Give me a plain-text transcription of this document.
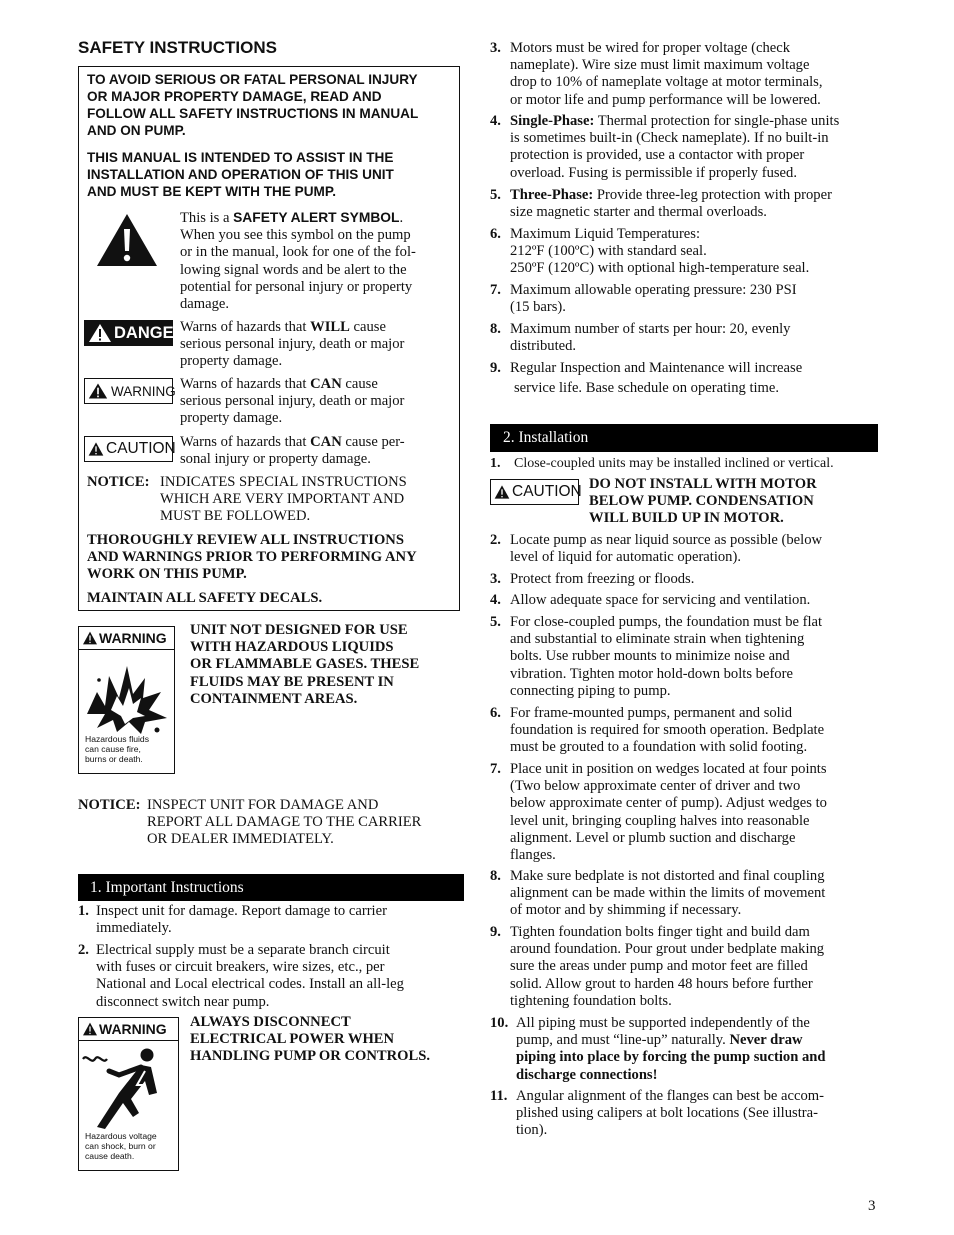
SAFETY INSTRUCTIONS
TO AVOID SERIOUS OR FATAL PERSONAL INJURY
OR MAJOR PROPERTY DAMAGE, READ AND
FOLLOW ALL SAFETY INSTRUCTIONS IN MANUAL
AND ON PUMP.
THIS MANUAL IS INTENDED TO ASSIST IN THE
INSTALLATION AND OPERATION OF THIS UNIT
AND MUST BE KEPT WITH THE PUMP.
This is a SAFETY ALERT SYMBOL.
When you see this symbol on the pump
or in the manual, look for one of the fol-
lowing signal words and be alert to the
potential for personal injury or property
damage.
DANGER
Warns of hazards that WILL cause
serious personal injury, death or major
property damage.
WARNING Warns of hazards that CAN cause
serious personal injury, death or major
property damage.
CAUTION Warns of hazards that CAN cause per-
sonal injury or property damage.
NOTICE: INDICATES SPECIAL INSTRUCTIONS
WHICH ARE VERY IMPORTANT AND
MUST BE FOLLOWED.
THOROUGHLY REVIEW ALL INSTRUCTIONS
AND WARNINGS PRIOR TO PERFORMING ANY
WORK ON THIS PUMP.
MAINTAIN ALL SAFETY DECALS.
WARNING
Hazardous fluids
can cause fire,
burns or death.
UNIT NOT DESIGNED FOR USE
WITH HAZARDOUS LIQUIDS
OR FLAMMABLE GASES. THESE
FLUIDS MAY BE PRESENT IN
CONTAINMENT AREAS.
NOTICE: INSPECT UNIT FOR DAMAGE AND
REPORT ALL DAMAGE TO THE CARRIER
OR DEALER IMMEDIATELY.
1. Important Instructions
1. Inspect unit for damage. Report damage to carrier
immediately.
2. Electrical supply must be a separate branch circuit
with fuses or circuit breakers, wire sizes, etc., per
National and Local electrical codes. Install an all-leg
disconnect switch near pump.
WARNING
Hazardous voltage
can shock, burn or
cause death.
ALWAYS DISCONNECT
ELECTRICAL POWER WHEN
HANDLING PUMP OR CONTROLS.
3. Motors must be wired for proper voltage (check
nameplate). Wire size must limit maximum voltage
drop to 10% of nameplate voltage at motor terminals,
or motor life and pump performance will be lowered.
4. Single-Phase: Thermal protection for single-phase units
is sometimes built-in (Check nameplate). If no built-in
protection is provided, use a contactor with proper
overload. Fusing is permissible if properly fused.
5. Three-Phase: Provide three-leg protection with proper
size magnetic starter and thermal overloads.
6. Maximum Liquid Temperatures:
212ºF (100ºC) with standard seal.
250ºF (120ºC) with optional high-temperature seal.
7. Maximum allowable operating pressure: 230 PSI
(15 bars).
8. Maximum number of starts per hour: 20, evenly
distributed.
9. Regular Inspection and Maintenance will increase
service life. Base schedule on operating time.
2. Installation
1. Close-coupled units may be installed inclined or vertical.
CAUTION DO NOT INSTALL WITH MOTOR
BELOW PUMP. CONDENSATION
WILL BUILD UP IN MOTOR.
2. Locate pump as near liquid source as possible (below
level of liquid for automatic operation).
3. Protect from freezing or floods.
4. Allow adequate space for servicing and ventilation.
5. For close-coupled pumps, the foundation must be flat
and substantial to eliminate strain when tightening
bolts. Use rubber mounts to minimize noise and
vibration. Tighten motor hold-down bolts before
connecting piping to pump.
6. For frame-mounted pumps, permanent and solid
foundation is required for smooth operation. Bedplate
must be grouted to a foundation with solid footing.
7. Place unit in position on wedges located at four points
(Two below approximate center of driver and two
below approximate center of pump). Adjust wedges to
level unit, bringing coupling halves into reasonable
alignment. Level or plumb suction and discharge
flanges.
8. Make sure bedplate is not distorted and final coupling
alignment can be made within the limits of movement
of motor and by shimming if necessary.
9. Tighten foundation bolts finger tight and build dam
around foundation. Pour grout under bedplate making
sure the areas under pump and motor feet are filled
solid. Allow grout to harden 48 hours before further
tightening foundation bolts.
10. All piping must be supported independently of the
pump, and must “line-up” naturally. Never draw
piping into place by forcing the pump suction and
discharge connections!
11. Angular alignment of the flanges can best be accom-
plished using calipers at bolt locations (See illustra-
tion).
3
